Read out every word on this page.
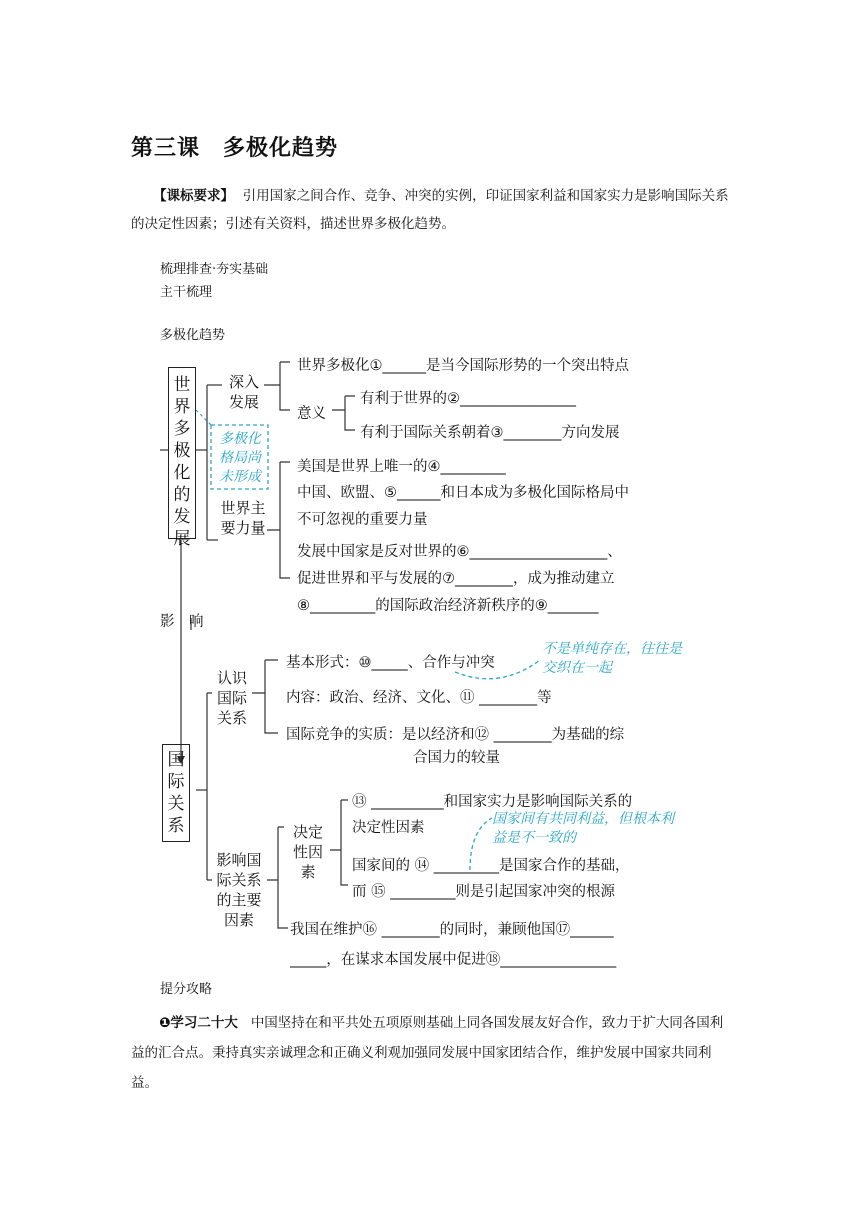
第三课　多极化趋势
【课标要求】 引用国家之间合作、竞争、冲突的实例，印证国家利益和国家实力是影响国际关系的决定性因素；引述有关资料，描述世界多极化趋势。
梳理排查·夯实基础
主干梳理
多极化趋势
世界多极化的发展
深入发展
世界多极化①______是当今国际形势的一个突出特点
意义
有利于世界的②________________
有利于国际关系朝着③________方向发展
多极化格局尚未形成
世界主要力量
美国是世界上唯一的④_________
中国、欧盟、⑤______和日本成为多极化国际格局中
不可忽视的重要力量
发展中国家是反对世界的⑥___________________、
促进世界和平与发展的⑦________，成为推动建立
⑧_________的国际政治经济新秩序的⑨_______
影　响
国际关系
认识国际关系
基本形式：⑩_____、合作与冲突
内容：政治、经济、文化、⑪ ________等
国际竞争的实质：是以经济和⑫ ________为基础的综
合国力的较量
不是单纯存在，往往是交织在一起
影响国际关系的主要因素
决定性因素
⑬ __________和国家实力是影响国际关系的
决定性因素
国家间的 ⑭ _________是国家合作的基础，
而 ⑮ _________则是引起国家冲突的根源
国家间有共同利益，但根本利益是不一致的
我国在维护⑯ ________的同时，兼顾他国⑰______
_____，在谋求本国发展中促进⑱________________
提分攻略
❶学习二十大 中国坚持在和平共处五项原则基础上同各国发展友好合作，致力于扩大同各国利益的汇合点。秉持真实亲诚理念和正确义利观加强同发展中国家团结合作，维护发展中国家共同利益。
